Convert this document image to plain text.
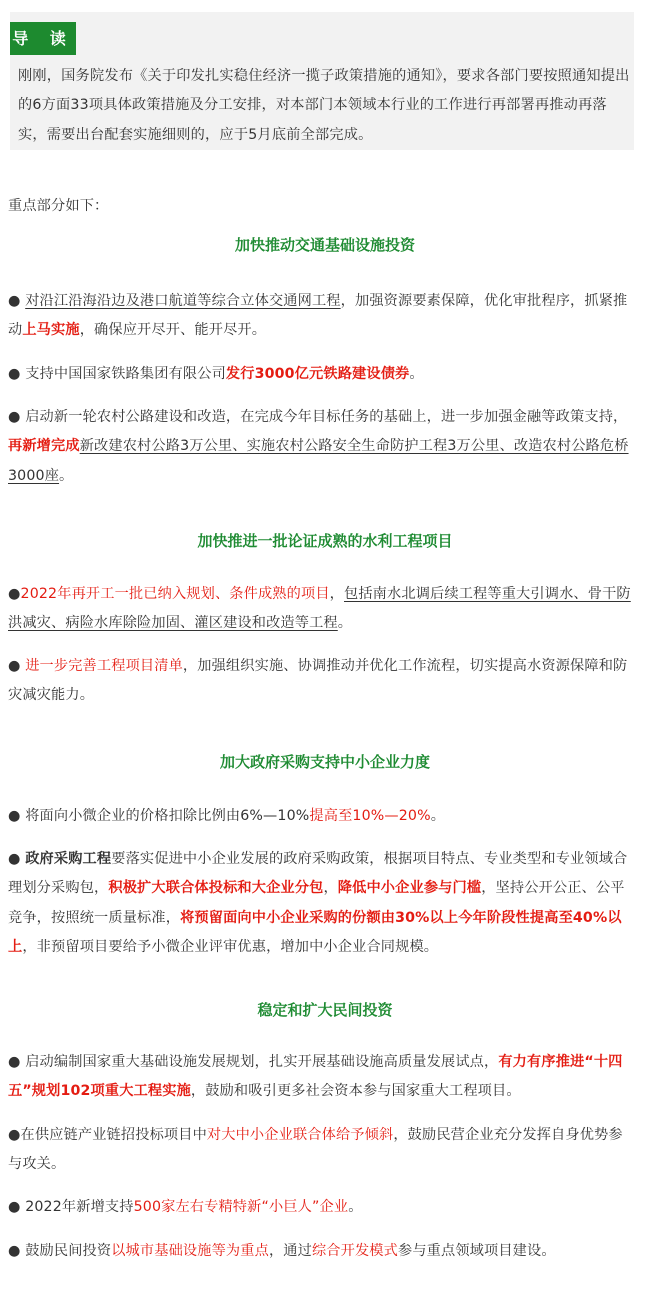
导 读
刚刚，国务院发布《关于印发扎实稳住经济一揽子政策措施的通知》，要求各部门要按照通知提出的6方面33项具体政策措施及分工安排，对本部门本领域本行业的工作进行再部署再推动再落实，需要出台配套实施细则的，应于5月底前全部完成。
重点部分如下：
加快推动交通基础设施投资
● 对沿江沿海沿边及港口航道等综合立体交通网工程，加强资源要素保障，优化审批程序，抓紧推动上马实施，确保应开尽开、能开尽开。
● 支持中国国家铁路集团有限公司发行3000亿元铁路建设债券。
● 启动新一轮农村公路建设和改造，在完成今年目标任务的基础上，进一步加强金融等政策支持，再新增完成新改建农村公路3万公里、实施农村公路安全生命防护工程3万公里、改造农村公路危桥3000座。
加快推进一批论证成熟的水利工程项目
●2022年再开工一批已纳入规划、条件成熟的项目，包括南水北调后续工程等重大引调水、骨干防洪减灾、病险水库除险加固、灌区建设和改造等工程。
● 进一步完善工程项目清单，加强组织实施、协调推动并优化工作流程，切实提高水资源保障和防灾减灾能力。
加大政府采购支持中小企业力度
● 将面向小微企业的价格扣除比例由6%—10%提高至10%—20%。
● 政府采购工程要落实促进中小企业发展的政府采购政策，根据项目特点、专业类型和专业领域合理划分采购包，积极扩大联合体投标和大企业分包，降低中小企业参与门槛，坚持公开公正、公平竞争，按照统一质量标准，将预留面向中小企业采购的份额由30%以上今年阶段性提高至40%以上，非预留项目要给予小微企业评审优惠，增加中小企业合同规模。
稳定和扩大民间投资
● 启动编制国家重大基础设施发展规划，扎实开展基础设施高质量发展试点，有力有序推进“十四五”规划102项重大工程实施，鼓励和吸引更多社会资本参与国家重大工程项目。
●在供应链产业链招投标项目中对大中小企业联合体给予倾斜，鼓励民营企业充分发挥自身优势参与攻关。
● 2022年新增支持500家左右专精特新“小巨人”企业。
● 鼓励民间投资以城市基础设施等为重点，通过综合开发模式参与重点领域项目建设。
